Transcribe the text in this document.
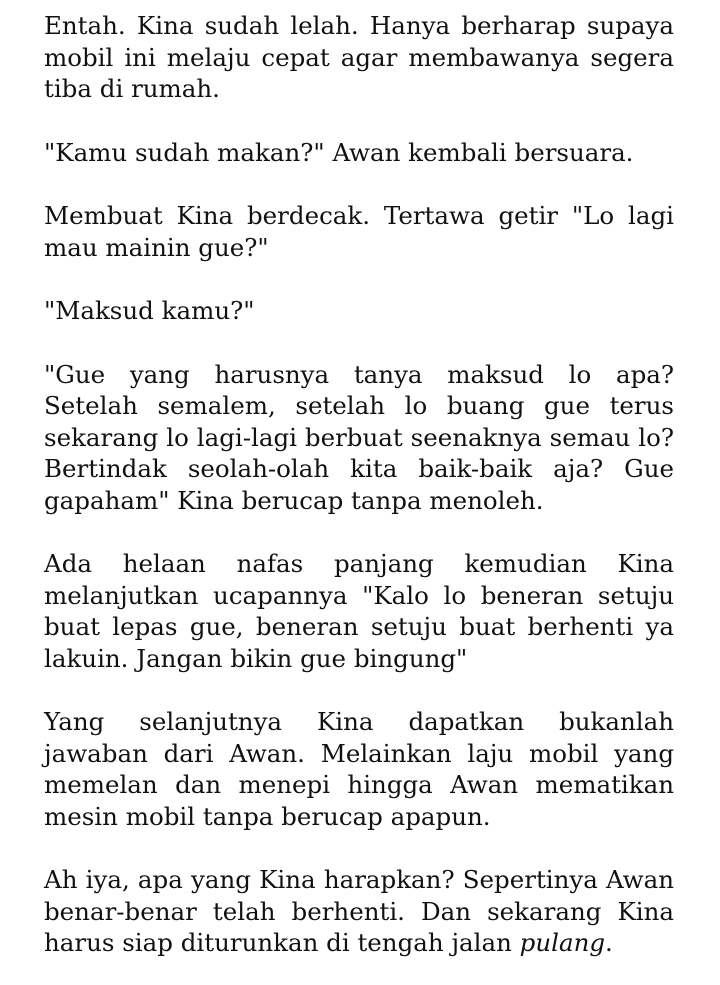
Entah. Kina sudah lelah. Hanya berharap supaya mobil ini melaju cepat agar membawanya segera tiba di rumah.

"Kamu sudah makan?" Awan kembali bersuara.

Membuat Kina berdecak. Tertawa getir "Lo lagi mau mainin gue?"

"Maksud kamu?"

"Gue yang harusnya tanya maksud lo apa? Setelah semalem, setelah lo buang gue terus sekarang lo lagi-lagi berbuat seenaknya semau lo? Bertindak seolah-olah kita baik-baik aja? Gue gapaham" Kina berucap tanpa menoleh.

Ada helaan nafas panjang kemudian Kina melanjutkan ucapannya "Kalo lo beneran setuju buat lepas gue, beneran setuju buat berhenti ya lakuin. Jangan bikin gue bingung"

Yang selanjutnya Kina dapatkan bukanlah jawaban dari Awan. Melainkan laju mobil yang memelan dan menepi hingga Awan mematikan mesin mobil tanpa berucap apapun.

Ah iya, apa yang Kina harapkan? Sepertinya Awan benar-benar telah berhenti. Dan sekarang Kina harus siap diturunkan di tengah jalan pulang.
